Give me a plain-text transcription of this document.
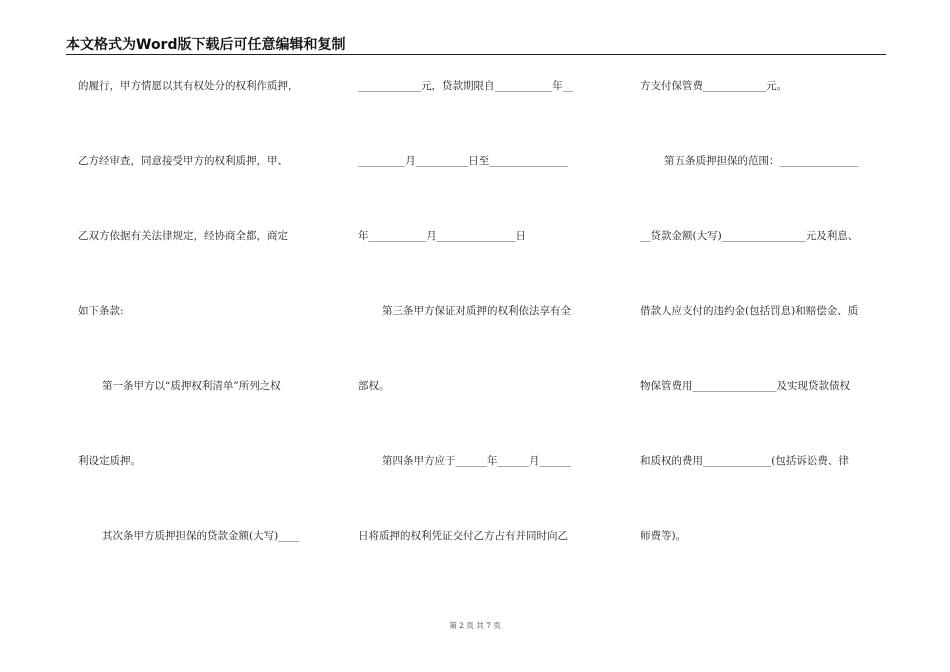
本文格式为Word版下载后可任意编辑和复制
的履行，甲方情愿以其有权处分的权利作质押，
乙方经审查，同意接受甲方的权利质押，甲、
乙双方依据有关法律规定，经协商全都，商定
如下条款:
第一条甲方以“质押权利清单”所列之权
利设定质押。
其次条甲方质押担保的贷款金额(大写)____
____________元，贷款期限自___________年__
_________月__________日至_______________
年___________月_______________日
第三条甲方保证对质押的权利依法享有全
部权。
第四条甲方应于______年______月______
日将质押的权利凭证交付乙方占有并同时向乙
方支付保管费____________元。
第五条质押担保的范围：_______________
__贷款金额(大写)________________元及利息、
借款人应支付的违约金(包括罚息)和赔偿金、质
物保管费用________________及实现贷款债权
和质权的费用_____________(包括诉讼费、律
师费等)。
第 2 页 共 7 页
